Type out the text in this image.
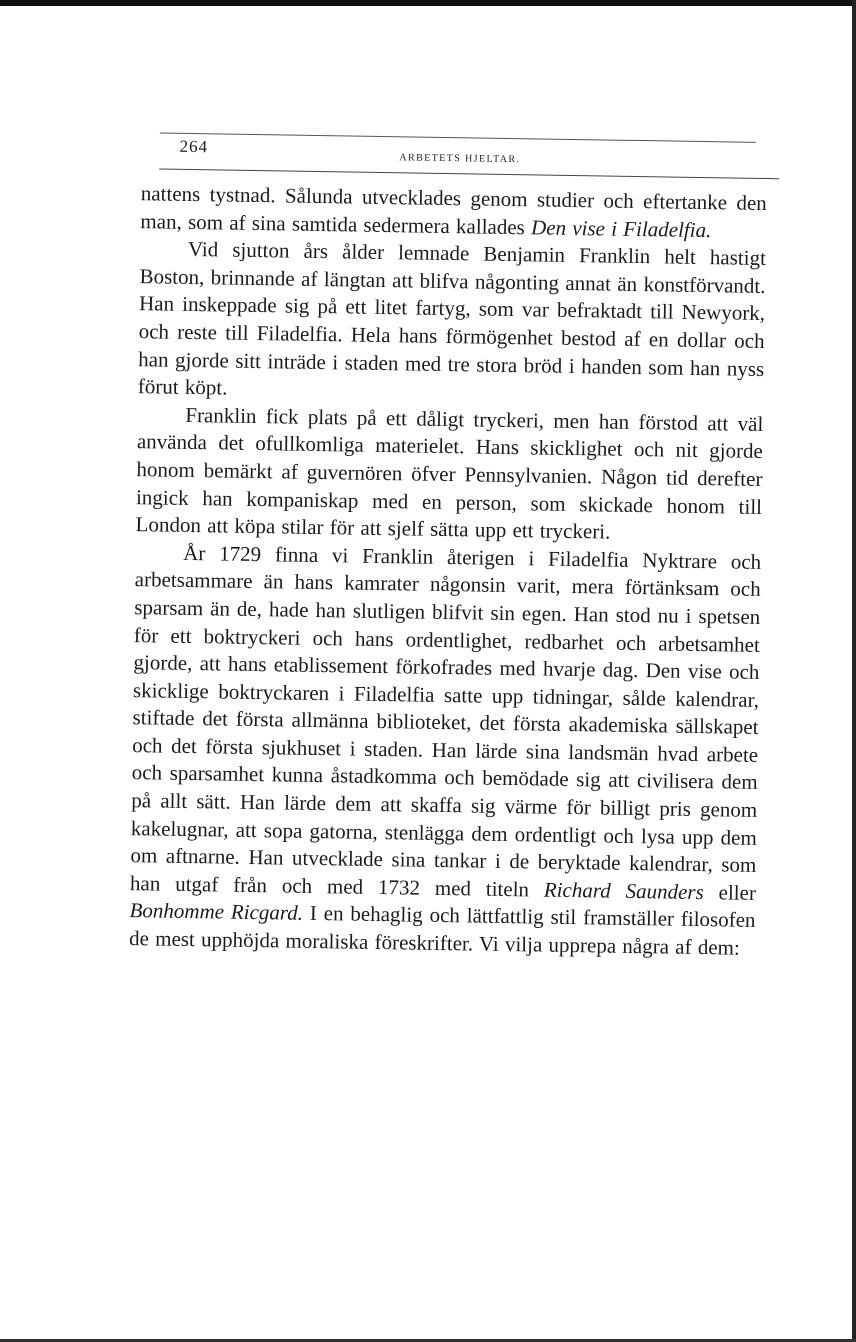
264
ARBETETS HJELTAR.

nattens tystnad. Sålunda utvecklades genom studier och eftertanke den man, som af sina samtida sedermera kallades Den vise i Filadelfia.

Vid sjutton års ålder lemnade Benjamin Franklin helt hastigt Boston, brinnande af längtan att blifva någonting annat än konstförvandt. Han inskeppade sig på ett litet fartyg, som var befraktadt till Newyork, och reste till Filadelfia. Hela hans förmögenhet bestod af en dollar och han gjorde sitt inträde i staden med tre stora bröd i handen som han nyss förut köpt.

Franklin fick plats på ett dåligt tryckeri, men han förstod att väl använda det ofullkomliga materielet. Hans skicklighet och nit gjorde honom bemärkt af guvernören öfver Pennsylvanien. Någon tid derefter ingick han kompaniskap med en person, som skickade honom till London att köpa stilar för att sjelf sätta upp ett tryckeri.

År 1729 finna vi Franklin återigen i Filadelfia Nyktrare och arbetsammare än hans kamrater någonsin varit, mera förtänksam och sparsam än de, hade han slutligen blifvit sin egen. Han stod nu i spetsen för ett boktryckeri och hans ordentlighet, redbarhet och arbetsamhet gjorde, att hans etablissement förkofrades med hvarje dag. Den vise och skicklige boktryckaren i Filadelfia satte upp tidningar, sålde kalendrar, stiftade det första allmänna biblioteket, det första akademiska sällskapet och det första sjukhuset i staden. Han lärde sina landsmän hvad arbete och sparsamhet kunna åstadkomma och bemödade sig att civilisera dem på allt sätt. Han lärde dem att skaffa sig värme för billigt pris genom kakelugnar, att sopa gatorna, stenlägga dem ordentligt och lysa upp dem om aftnarne. Han utvecklade sina tankar i de beryktade kalendrar, som han utgaf från och med 1732 med titeln Richard Saunders eller Bonhomme Ricgard. I en behaglig och lättfattlig stil framställer filosofen de mest upphöjda moraliska föreskrifter. Vi vilja upprepa några af dem:
